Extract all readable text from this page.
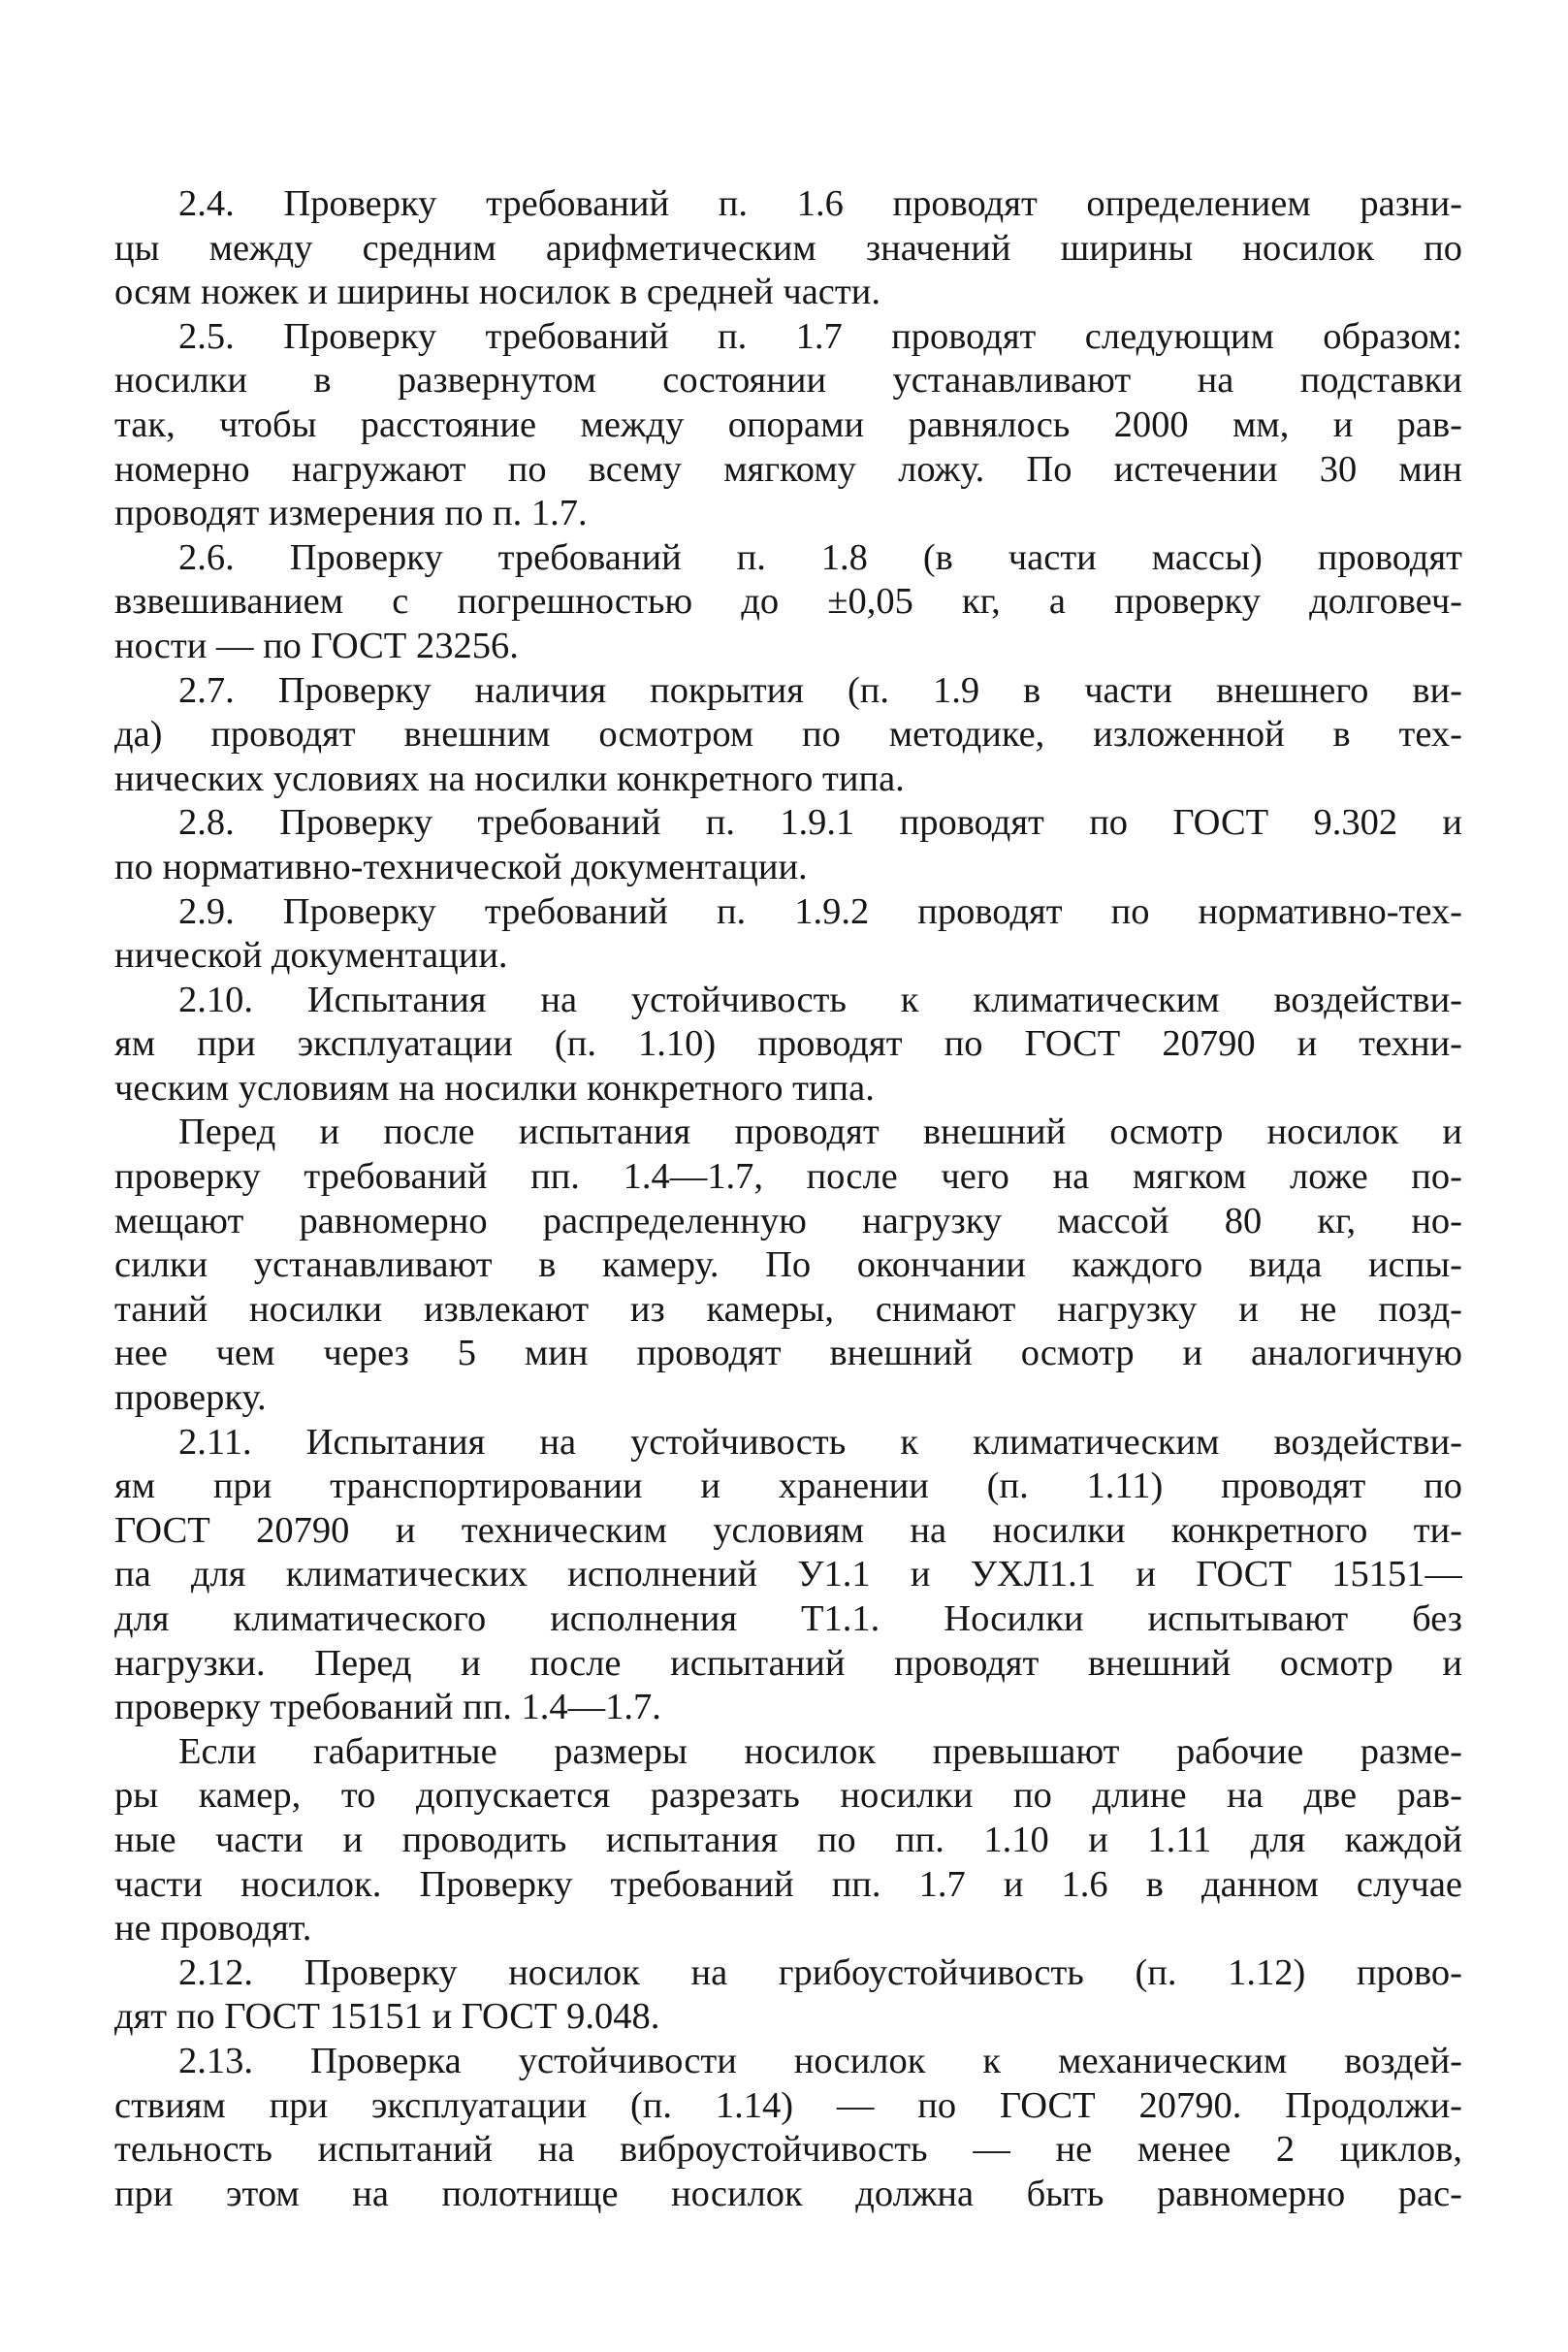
2.4. Проверку требований п. 1.6 проводят определением разни-
цы между средним арифметическим значений ширины носилок по
осям ножек и ширины носилок в средней части.
2.5. Проверку требований п. 1.7 проводят следующим образом:
носилки в развернутом состоянии устанавливают на подставки
так, чтобы расстояние между опорами равнялось 2000 мм, и рав-
номерно нагружают по всему мягкому ложу. По истечении 30 мин
проводят измерения по п. 1.7.
2.6. Проверку требований п. 1.8 (в части массы) проводят
взвешиванием с погрешностью до ±0,05 кг, а проверку долговеч-
ности — по ГОСТ 23256.
2.7. Проверку наличия покрытия (п. 1.9 в части внешнего ви-
да) проводят внешним осмотром по методике, изложенной в тех-
нических условиях на носилки конкретного типа.
2.8. Проверку требований п. 1.9.1 проводят по ГОСТ 9.302 и
по нормативно-технической документации.
2.9. Проверку требований п. 1.9.2 проводят по нормативно-тех-
нической документации.
2.10. Испытания на устойчивость к климатическим воздействи-
ям при эксплуатации (п. 1.10) проводят по ГОСТ 20790 и техни-
ческим условиям на носилки конкретного типа.
Перед и после испытания проводят внешний осмотр носилок и
проверку требований пп. 1.4—1.7, после чего на мягком ложе по-
мещают равномерно распределенную нагрузку массой 80 кг, но-
силки устанавливают в камеру. По окончании каждого вида испы-
таний носилки извлекают из камеры, снимают нагрузку и не позд-
нее чем через 5 мин проводят внешний осмотр и аналогичную
проверку.
2.11. Испытания на устойчивость к климатическим воздействи-
ям при транспортировании и хранении (п. 1.11) проводят по
ГОСТ 20790 и техническим условиям на носилки конкретного ти-
па для климатических исполнений У1.1 и УХЛ1.1 и ГОСТ 15151—
для климатического исполнения Т1.1. Носилки испытывают без
нагрузки. Перед и после испытаний проводят внешний осмотр и
проверку требований пп. 1.4—1.7.
Если габаритные размеры носилок превышают рабочие разме-
ры камер, то допускается разрезать носилки по длине на две рав-
ные части и проводить испытания по пп. 1.10 и 1.11 для каждой
части носилок. Проверку требований пп. 1.7 и 1.6 в данном случае
не проводят.
2.12. Проверку носилок на грибоустойчивость (п. 1.12) прово-
дят по ГОСТ 15151 и ГОСТ 9.048.
2.13. Проверка устойчивости носилок к механическим воздей-
ствиям при эксплуатации (п. 1.14) — по ГОСТ 20790. Продолжи-
тельность испытаний на виброустойчивость — не менее 2 циклов,
при этом на полотнище носилок должна быть равномерно рас-
